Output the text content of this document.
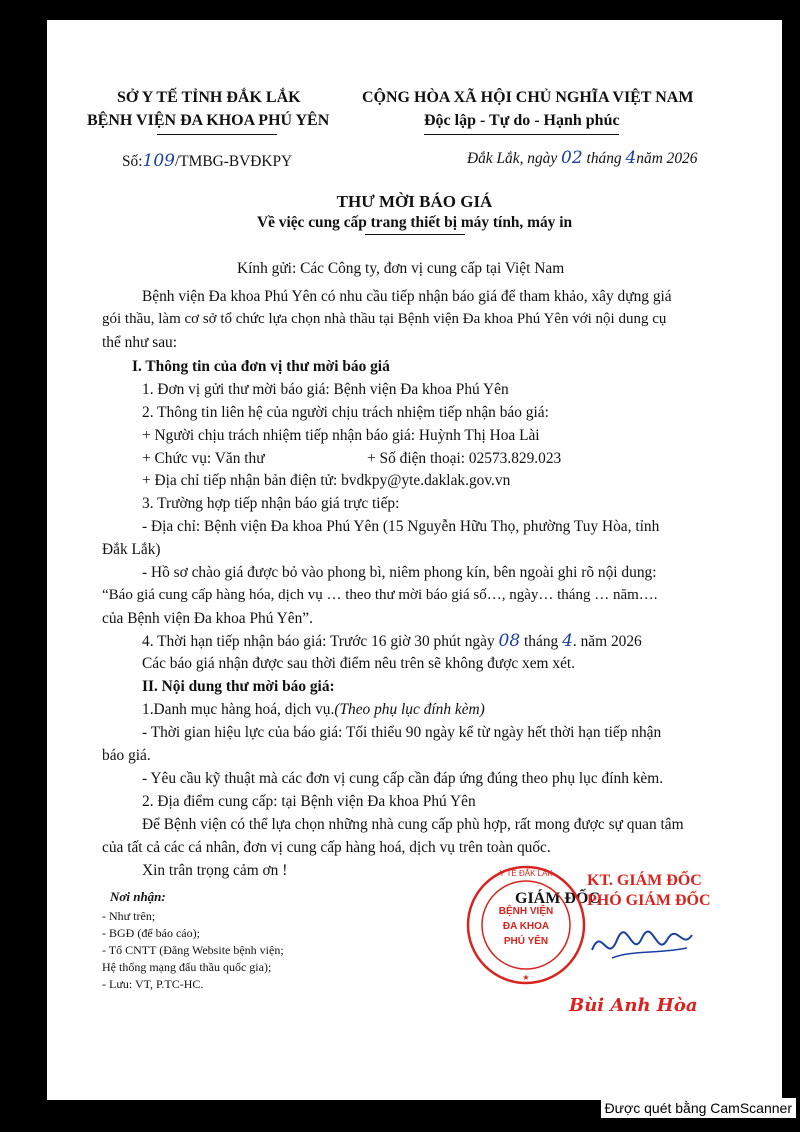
SỞ Y TẾ TỈNH ĐẮK LẮK
BỆNH VIỆN ĐA KHOA PHÚ YÊN
Số:109/TMBG-BVĐKPY
CỘNG HÒA XÃ HỘI CHỦ NGHĨA VIỆT NAM
Độc lập - Tự do - Hạnh phúc
Đắk Lắk, ngày 02 tháng 4năm 2026
THƯ MỜI BÁO GIÁ
Về việc cung cấp trang thiết bị máy tính, máy in
Kính gửi: Các Công ty, đơn vị cung cấp tại Việt Nam
Bệnh viện Đa khoa Phú Yên có nhu cầu tiếp nhận báo giá để tham khảo, xây dựng giá
gói thầu, làm cơ sở tổ chức lựa chọn nhà thầu tại Bệnh viện Đa khoa Phú Yên với nội dung cụ
thể như sau:
I. Thông tin của đơn vị thư mời báo giá
1. Đơn vị gửi thư mời báo giá: Bệnh viện Đa khoa Phú Yên
2. Thông tin liên hệ của người chịu trách nhiệm tiếp nhận báo giá:
+ Người chịu trách nhiệm tiếp nhận báo giá: Huỳnh Thị Hoa Lài
+ Chức vụ: Văn thư	+ Số điện thoại: 02573.829.023
+ Địa chỉ tiếp nhận bản điện tử: bvdkpy@yte.daklak.gov.vn
3. Trường hợp tiếp nhận báo giá trực tiếp:
- Địa chỉ: Bệnh viện Đa khoa Phú Yên (15 Nguyễn Hữu Thọ, phường Tuy Hòa, tỉnh
Đắk Lắk)
- Hồ sơ chào giá được bỏ vào phong bì, niêm phong kín, bên ngoài ghi rõ nội dung:
“Báo giá cung cấp hàng hóa, dịch vụ … theo thư mời báo giá số…, ngày… tháng … năm….
của Bệnh viện Đa khoa Phú Yên”.
4. Thời hạn tiếp nhận báo giá: Trước 16 giờ 30 phút ngày 08 tháng 4. năm 2026
Các báo giá nhận được sau thời điểm nêu trên sẽ không được xem xét.
II. Nội dung thư mời báo giá:
1.Danh mục hàng hoá, dịch vụ.(Theo phụ lục đính kèm)
- Thời gian hiệu lực của báo giá: Tối thiểu 90 ngày kể từ ngày hết thời hạn tiếp nhận
báo giá.
- Yêu cầu kỹ thuật mà các đơn vị cung cấp cần đáp ứng đúng theo phụ lục đính kèm.
2. Địa điểm cung cấp: tại Bệnh viện Đa khoa Phú Yên
Để Bệnh viện có thể lựa chọn những nhà cung cấp phù hợp, rất mong được sự quan tâm
của tất cả các cá nhân, đơn vị cung cấp hàng hoá, dịch vụ trên toàn quốc.
Xin trân trọng cảm ơn !
Nơi nhận:
- Như trên;
- BGĐ (để báo cáo);
- Tổ CNTT (Đăng Website bệnh viện;
Hệ thống mạng đấu thầu quốc gia);
- Lưu: VT, P.TC-HC.
KT. GIÁM ĐỐC
GIÁM ĐỐC
PHÓ GIÁM ĐỐC
Y TẾ ĐẮK LẮK
BỆNH VIỆN
ĐA KHOA
PHÚ YÊN
★
Bùi Anh Hòa
Được quét bằng CamScanner
